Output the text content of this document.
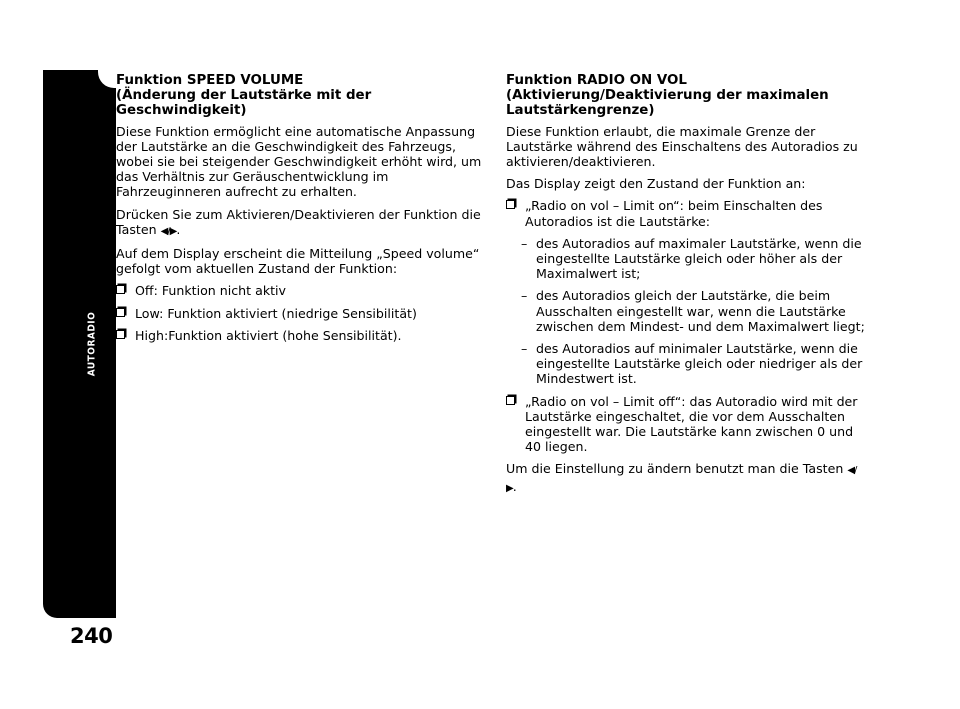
AUTORADIO
240
Funktion SPEED VOLUME
(Änderung der Lautstärke mit der
Geschwindigkeit)

Diese Funktion ermöglicht eine automatische Anpassung der Lautstärke an die Geschwindigkeit des Fahrzeugs, wobei sie bei steigender Geschwindigkeit erhöht wird, um das Verhältnis zur Geräuschentwicklung im Fahrzeuginneren aufrecht zu erhalten.

Drücken Sie zum Aktivieren/Deaktivieren der Funktion die Tasten ◀/▶.

Auf dem Display erscheint die Mitteilung „Speed volume“ gefolgt vom aktuellen Zustand der Funktion:

Off: Funktion nicht aktiv
Low: Funktion aktiviert (niedrige Sensibilität)
High:Funktion aktiviert (hohe Sensibilität).
Funktion RADIO ON VOL
(Aktivierung/Deaktivierung der maximalen
Lautstärkengrenze)

Diese Funktion erlaubt, die maximale Grenze der Lautstärke während des Einschaltens des Autoradios zu aktivieren/deaktivieren.

Das Display zeigt den Zustand der Funktion an:

„Radio on vol – Limit on“: beim Einschalten des Autoradios ist die Lautstärke:
– des Autoradios auf maximaler Lautstärke, wenn die eingestellte Lautstärke gleich oder höher als der Maximalwert ist;
– des Autoradios gleich der Lautstärke, die beim Ausschalten eingestellt war, wenn die Lautstärke zwischen dem Mindest- und dem Maximalwert liegt;
– des Autoradios auf minimaler Lautstärke, wenn die eingestellte Lautstärke gleich oder niedriger als der Mindestwert ist.
„Radio on vol – Limit off“: das Autoradio wird mit der Lautstärke eingeschaltet, die vor dem Ausschalten eingestellt war. Die Lautstärke kann zwischen 0 und 40 liegen.

Um die Einstellung zu ändern benutzt man die Tasten ◀/▶.
